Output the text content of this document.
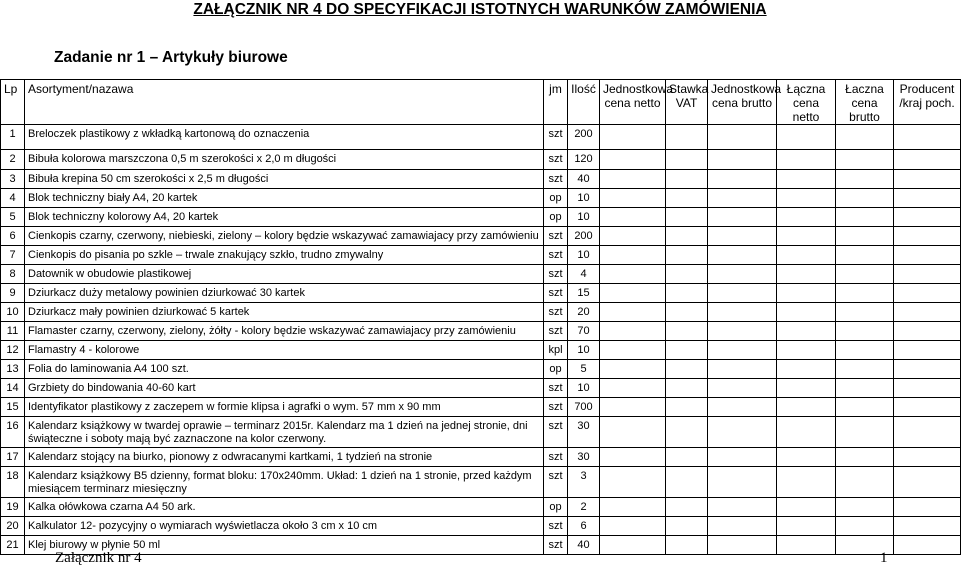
ZAŁĄCZNIK NR 4 DO SPECYFIKACJI ISTOTNYCH WARUNKÓW ZAMÓWIENIA
Zadanie nr 1 – Artykuły biurowe
Lp	Asortyment/nazawa	jm	Ilość	Jednostkowa cena netto	Stawka VAT	Jednostkowa cena brutto	Łączna cena netto	Łaczna cena brutto	Producent /kraj poch.
1	Breloczek plastikowy z wkładką kartonową do oznaczenia	szt	200						
2	Bibuła kolorowa marszczona 0,5 m szerokości x 2,0 m długości	szt	120						
3	Bibuła krepina 50 cm szerokości x 2,5 m długości	szt	40						
4	Blok techniczny biały A4, 20 kartek	op	10						
5	Blok techniczny kolorowy A4, 20 kartek	op	10						
6	Cienkopis czarny, czerwony, niebieski, zielony – kolory będzie wskazywać zamawiajacy przy zamówieniu	szt	200						
7	Cienkopis do pisania po szkle – trwale znakujący szkło, trudno zmywalny	szt	10						
8	Datownik w obudowie plastikowej	szt	4						
9	Dziurkacz duży metalowy powinien dziurkować 30 kartek	szt	15						
10	Dziurkacz mały powinien dziurkować 5 kartek	szt	20						
11	Flamaster czarny, czerwony, zielony, żółty - kolory będzie wskazywać zamawiajacy przy zamówieniu	szt	70						
12	Flamastry 4 - kolorowe	kpl	10						
13	Folia do laminowania A4 100 szt.	op	5						
14	Grzbiety do bindowania 40-60 kart	szt	10						
15	Identyfikator plastikowy z zaczepem w formie klipsa i agrafki o wym. 57 mm x 90 mm	szt	700						
16	Kalendarz książkowy w twardej oprawie – terminarz 2015r. Kalendarz ma 1 dzień na jednej stronie, dni świąteczne i soboty mają być zaznaczone na kolor czerwony.	szt	30						
17	Kalendarz stojący na biurko, pionowy z odwracanymi kartkami, 1 tydzień na stronie	szt	30						
18	Kalendarz książkowy B5 dzienny, format bloku: 170x240mm. Układ: 1 dzień na 1 stronie, przed każdym miesiącem terminarz miesięczny	szt	3						
19	Kalka ołówkowa czarna A4 50 ark.	op	2						
20	Kalkulator 12- pozycyjny o wymiarach wyświetlacza około 3 cm x 10 cm	szt	6						
21	Klej biurowy w płynie 50 ml	szt	40						
Załącznik nr 4	1
